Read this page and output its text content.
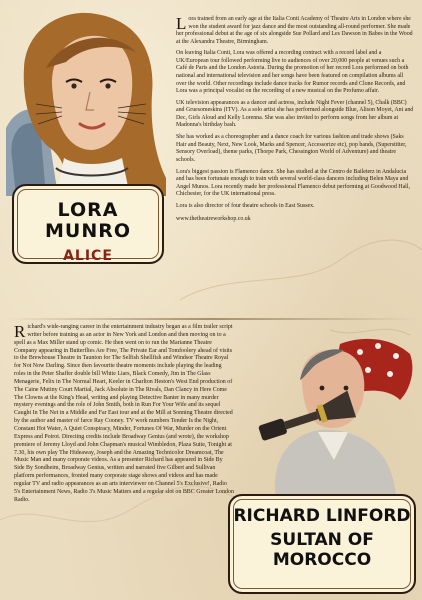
LORA MUNRO
ALICE

Lora trained from an early age at the Italia Conti Academy of Theatre Arts in London where she won the student award for jazz dance and the most outstanding all-round performer. She made her professional debut at the age of six alongside Sue Pollard and Les Dawson in Babes in the Wood at the Alexandra Theatre, Birmingham.

On leaving Italia Conti, Lora was offered a recording contract with a record label and a UK/European tour followed performing live to audiences of over 20,000 people at venues such a Café de Paris and the London Astoria. During the promotion of her record Lora performed on both national and international television and her songs have been featured on compilation albums all over the world. Other recordings include dance tracks for Rumor records and Clone Records, and Lora was a principal vocalist on the recording of a new musical on the Profumo affair.

UK television appearances as a dancer and actress, include Night Fever (channel 5), Chalk (BBC) and Gruesomeskins (ITV). As a solo artist she has performed alongside Blue, Alison Moyet, Ant and Dec, Girls Aloud and Kelly Lorenna. She was also invited to perform songs from her album at Madonna's birthday bash.

She has worked as a choreographer and a dance coach for various fashion and trade shows (Saks Hair and Beauty, Next, New Look, Marks and Spencer, Accessorize etc), pop bands, (Superstitter, Sensory Overload), theme parks, (Thorpe Park, Chessington World of Adventure) and theatre schools.

Lora's biggest passion is Flamenco dance. She has studied at the Centro de Baileterz in Andalucia and has been fortunate enough to train with several world-class dancers including Belen Maya and Angel Munos. Lora recently made her professional Flamenco debut performing at Goodwood Hall, Chichester, for the UK international press.

Lora is also director of four theatre schools in East Sussex.

www.thetheatreworkshop.co.uk

Richard's wide-ranging career in the entertainment industry began as a film trailer script writer before training as an actor in New York and London and then moving on to a spell as a Max Miller stand up comic. He then went on to run the Marianne Theatre Company appearing in Butterflies Are Free, The Private Ear and Tomfoolery ahead of visits to the Brewhouse Theatre in Taunton for The Selfish Shellfish and Windsor Theatre Royal for Not Now Darling. Since then favourite theatre moments include playing the leading roles in the Peter Shaffer double bill White Liars, Black Comedy, Jim in The Glass Menagerie, Felix in The Normal Heart, Keeler in Charlton Heston's West End production of The Caine Mutiny Court Martial, Jack Absolute in The Rivals, Dan Clancy in Here Come The Clowns at the King's Head, writing and playing Detective Banter in many murder mystery evenings and the role of John Smith, both in Run For Your Wife and its sequel Caught In The Net in a Middle and Far East tour and at the Mill at Sonning Theatre directed by the author and master of farce Ray Cooney. TV work numbers Tender Is the Night, Constant Hot Water, A Quiet Conspiracy, Minder, Fortunes Of War, Murder on the Orient Express and Poirot. Directing credits include Broadway Genius (and wrote), the workshop premiere of Jeremy Lloyd and John Chapman's musical Wimbledon, Plaza Suite, Tonight at 7.30, his own play The Hideaway, Joseph and the Amazing Technicolor Dreamcoat, The Music Man and many corporate videos. As a presenter Richard has appeared in Side By Side By Sondheim, Broadway Genius, written and narrated five Gilbert and Sullivan platform performances, fronted many corporate stage shows and videos and has made regular TV and radio appearances as an arts interviewer on Channel 5's Exclusive!, Radio 5's Entertainment News, Radio 3's Music Matters and a regular slot on BBC Greater London Radio.

RICHARD LINFORD
SULTAN OF
MOROCCO
